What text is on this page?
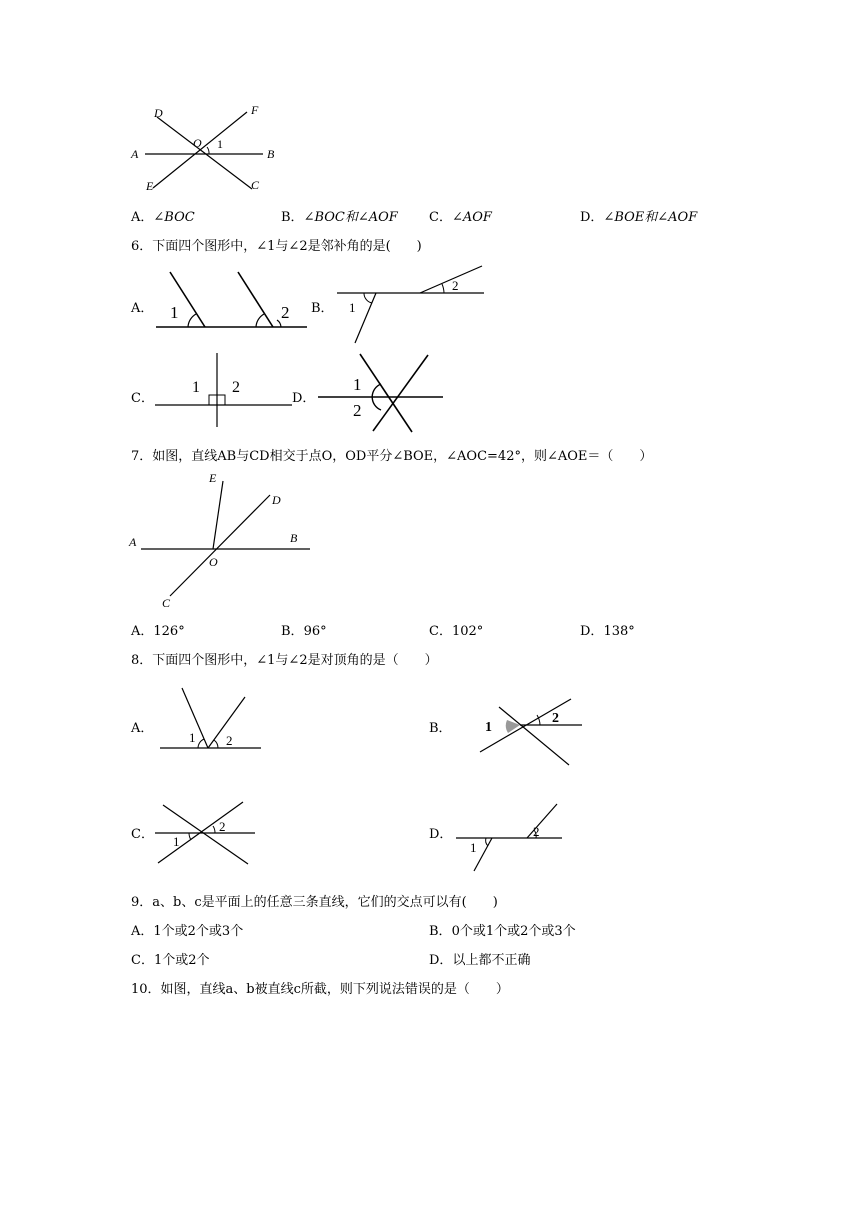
D	F
O 1
A	B
E	C
A．∠BOC	B．∠BOC和∠AOF C．∠AOF	D．∠BOE和∠AOF
6．下面四个图形中，∠1与∠2是邻补角的是(　　)
A． 1	2 B． 1
2
C．
1 2
D．
1
2
7．如图，直线AB与CD相交于点O，OD平分∠BOE，∠AOC=42°，则∠AOE＝（　　）
E
D
A	B
O
C
A．126°	B．96°	C．102°	D．138°
8．下面四个图形中，∠1与∠2是对顶角的是（　　）
A．
1 2
B． 1
2
C． 1
2
D．
1
2
9．a、b、c是平面上的任意三条直线，它们的交点可以有(　　)
A．1个或2个或3个	B．0个或1个或2个或3个
C．1个或2个	D．以上都不正确
10．如图，直线a、b被直线c所截，则下列说法错误的是（　　）
